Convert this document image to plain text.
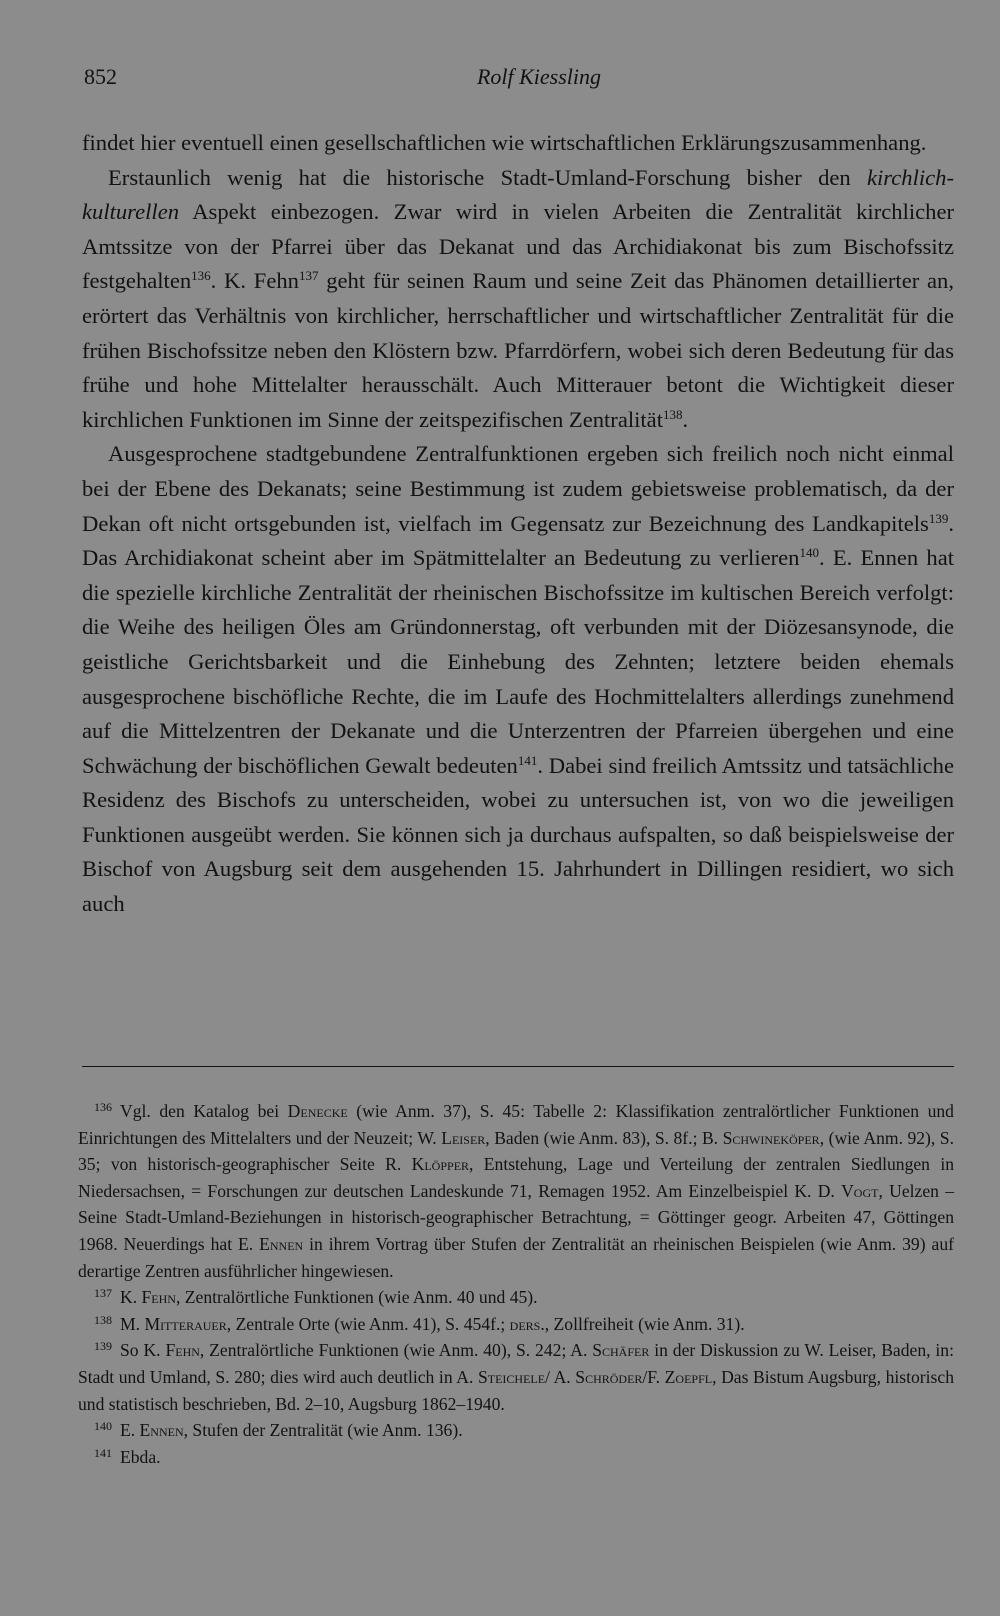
852	Rolf Kiessling

findet hier eventuell einen gesellschaftlichen wie wirtschaftlichen Erklärungszusammenhang.

Erstaunlich wenig hat die historische Stadt-Umland-Forschung bisher den kirchlich-kulturellen Aspekt einbezogen. Zwar wird in vielen Arbeiten die Zentralität kirchlicher Amtssitze von der Pfarrei über das Dekanat und das Archidiakonat bis zum Bischofssitz festgehalten$^{136}$. K. Fehn$^{137}$ geht für seinen Raum und seine Zeit das Phänomen detaillierter an, erörtert das Verhältnis von kirchlicher, herrschaftlicher und wirtschaftlicher Zentralität für die frühen Bischofssitze neben den Klöstern bzw. Pfarrdörfern, wobei sich deren Bedeutung für das frühe und hohe Mittelalter herausschält. Auch Mitterauer betont die Wichtigkeit dieser kirchlichen Funktionen im Sinne der zeitspezifischen Zentralität$^{138}$.

Ausgesprochene stadtgebundene Zentralfunktionen ergeben sich freilich noch nicht einmal bei der Ebene des Dekanats; seine Bestimmung ist zudem gebietsweise problematisch, da der Dekan oft nicht ortsgebunden ist, vielfach im Gegensatz zur Bezeichnung des Landkapitels$^{139}$. Das Archidiakonat scheint aber im Spätmittelalter an Bedeutung zu verlieren$^{140}$. E. Ennen hat die spezielle kirchliche Zentralität der rheinischen Bischofssitze im kultischen Bereich verfolgt: die Weihe des heiligen Öles am Gründonnerstag, oft verbunden mit der Diözesansynode, die geistliche Gerichtsbarkeit und die Einhebung des Zehnten; letztere beiden ehemals ausgesprochene bischöfliche Rechte, die im Laufe des Hochmittelalters allerdings zunehmend auf die Mittelzentren der Dekanate und die Unterzentren der Pfarreien übergehen und eine Schwächung der bischöflichen Gewalt bedeuten$^{141}$. Dabei sind freilich Amtssitz und tatsächliche Residenz des Bischofs zu unterscheiden, wobei zu untersuchen ist, von wo die jeweiligen Funktionen ausgeübt werden. Sie können sich ja durchaus aufspalten, so daß beispielsweise der Bischof von Augsburg seit dem ausgehenden 15. Jahrhundert in Dillingen residiert, wo sich auch

$^{136}$ Vgl. den Katalog bei Denecke (wie Anm. 37), S. 45: Tabelle 2: Klassifikation zentralörtlicher Funktionen und Einrichtungen des Mittelalters und der Neuzeit; W. Leiser, Baden (wie Anm. 83), S. 8f.; B. Schwineköper, (wie Anm. 92), S. 35; von historisch-geographischer Seite R. Klöpper, Entstehung, Lage und Verteilung der zentralen Siedlungen in Niedersachsen, = Forschungen zur deutschen Landeskunde 71, Remagen 1952. Am Einzelbeispiel K. D. Vogt, Uelzen – Seine Stadt-Umland-Beziehungen in historisch-geographischer Betrachtung, = Göttinger geogr. Arbeiten 47, Göttingen 1968. Neuerdings hat E. Ennen in ihrem Vortrag über Stufen der Zentralität an rheinischen Beispielen (wie Anm. 39) auf derartige Zentren ausführlicher hingewiesen.

$^{137}$ K. Fehn, Zentralörtliche Funktionen (wie Anm. 40 und 45).

$^{138}$ M. Mitterauer, Zentrale Orte (wie Anm. 41), S. 454f.; ders., Zollfreiheit (wie Anm. 31).

$^{139}$ So K. Fehn, Zentralörtliche Funktionen (wie Anm. 40), S. 242; A. Schäfer in der Diskussion zu W. Leiser, Baden, in: Stadt und Umland, S. 280; dies wird auch deutlich in A. Steichele/ A. Schröder/F. Zoepfl, Das Bistum Augsburg, historisch und statistisch beschrieben, Bd. 2–10, Augsburg 1862–1940.

$^{140}$ E. Ennen, Stufen der Zentralität (wie Anm. 136).

$^{141}$ Ebda.
